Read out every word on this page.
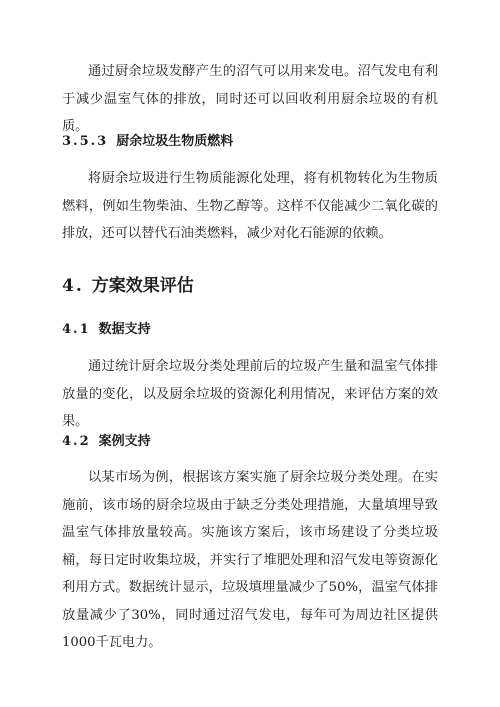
通过厨余垃圾发酵产生的沼气可以用来发电。沼气发电有利于减少温室气体的排放，同时还可以回收利用厨余垃圾的有机质。

3.5.3 厨余垃圾生物质燃料

将厨余垃圾进行生物质能源化处理，将有机物转化为生物质燃料，例如生物柴油、生物乙醇等。这样不仅能减少二氧化碳的排放，还可以替代石油类燃料，减少对化石能源的依赖。

4. 方案效果评估
4.1 数据支持

通过统计厨余垃圾分类处理前后的垃圾产生量和温室气体排放量的变化，以及厨余垃圾的资源化利用情况，来评估方案的效果。

4.2 案例支持

以某市场为例，根据该方案实施了厨余垃圾分类处理。在实施前，该市场的厨余垃圾由于缺乏分类处理措施，大量填埋导致温室气体排放量较高。实施该方案后，该市场建设了分类垃圾桶，每日定时收集垃圾，并实行了堆肥处理和沼气发电等资源化利用方式。数据统计显示，垃圾填埋量减少了50%，温室气体排放量减少了30%，同时通过沼气发电，每年可为周边社区提供1000千瓦电力。
